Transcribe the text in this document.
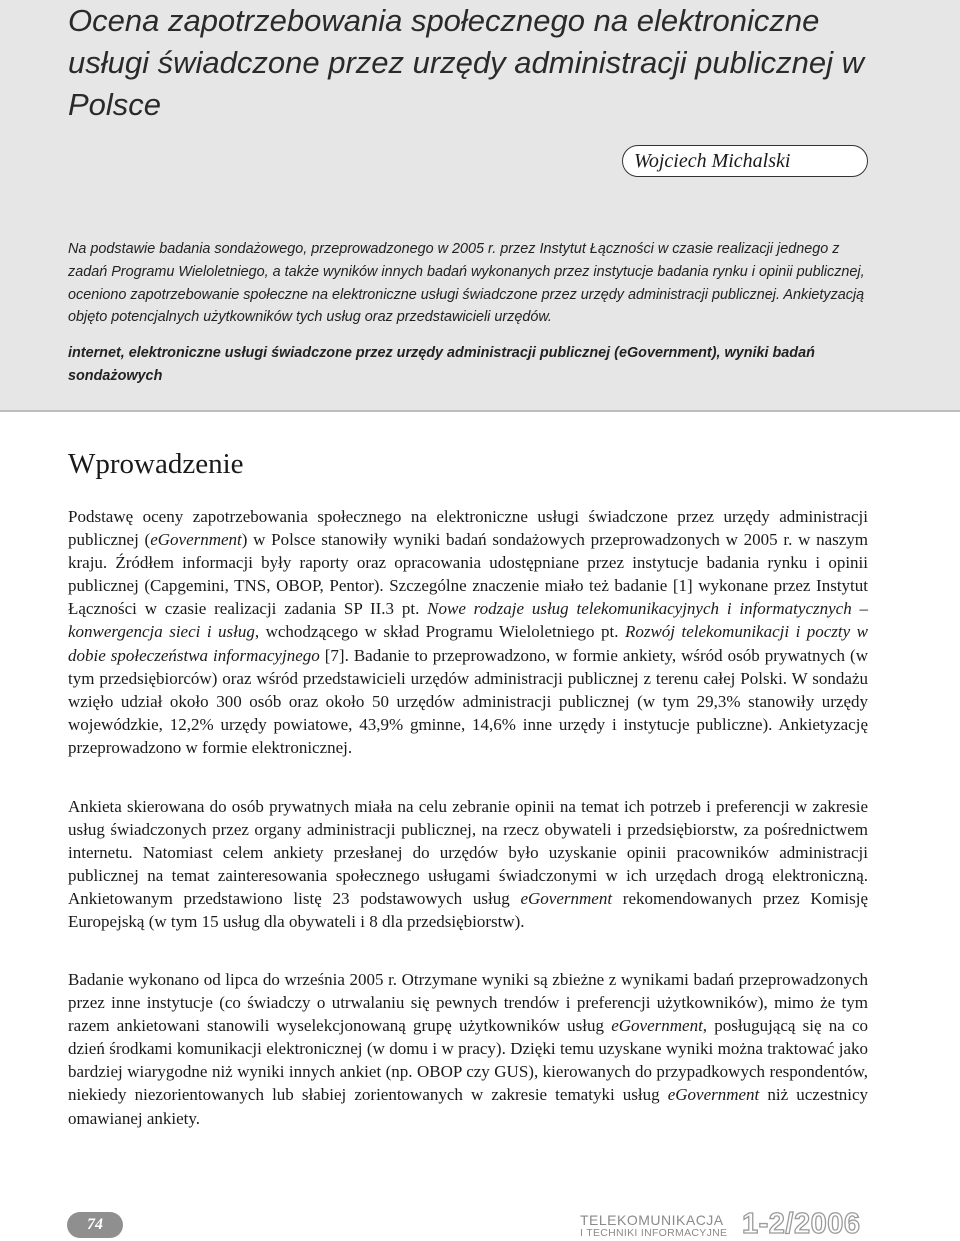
Ocena zapotrzebowania społecznego na elektroniczne usługi świadczone przez urzędy administracji publicznej w Polsce
Wojciech Michalski

Na podstawie badania sondażowego, przeprowadzonego w 2005 r. przez Instytut Łączności w czasie realizacji jednego z zadań Programu Wieloletniego, a także wyników innych badań wykonanych przez instytucje badania rynku i opinii publicznej, oceniono zapotrzebowanie społeczne na elektroniczne usługi świadczone przez urzędy administracji publicznej. Ankietyzacją objęto potencjalnych użytkowników tych usług oraz przedstawicieli urzędów.

internet, elektroniczne usługi świadczone przez urzędy administracji publicznej (eGovernment), wyniki badań sondażowych

Wprowadzenie

Podstawę oceny zapotrzebowania społecznego na elektroniczne usługi świadczone przez urzędy administracji publicznej (eGovernment) w Polsce stanowiły wyniki badań sondażowych przeprowadzonych w 2005 r. w naszym kraju. Źródłem informacji były raporty oraz opracowania udostępniane przez instytucje badania rynku i opinii publicznej (Capgemini, TNS, OBOP, Pentor). Szczególne znaczenie miało też badanie [1] wykonane przez Instytut Łączności w czasie realizacji zadania SP II.3 pt. Nowe rodzaje usług telekomunikacyjnych i informatycznych – konwergencja sieci i usług, wchodzącego w skład Programu Wieloletniego pt. Rozwój telekomunikacji i poczty w dobie społeczeństwa informacyjnego [7]. Badanie to przeprowadzono, w formie ankiety, wśród osób prywatnych (w tym przedsiębiorców) oraz wśród przedstawicieli urzędów administracji publicznej z terenu całej Polski. W sondażu wzięło udział około 300 osób oraz około 50 urzędów administracji publicznej (w tym 29,3% stanowiły urzędy wojewódzkie, 12,2% urzędy powiatowe, 43,9% gminne, 14,6% inne urzędy i instytucje publiczne). Ankietyzację przeprowadzono w formie elektronicznej.

Ankieta skierowana do osób prywatnych miała na celu zebranie opinii na temat ich potrzeb i preferencji w zakresie usług świadczonych przez organy administracji publicznej, na rzecz obywateli i przedsiębiorstw, za pośrednictwem internetu. Natomiast celem ankiety przesłanej do urzędów było uzyskanie opinii pracowników administracji publicznej na temat zainteresowania społecznego usługami świadczonymi w ich urzędach drogą elektroniczną. Ankietowanym przedstawiono listę 23 podstawowych usług eGovernment rekomendowanych przez Komisję Europejską (w tym 15 usług dla obywateli i 8 dla przedsiębiorstw).

Badanie wykonano od lipca do września 2005 r. Otrzymane wyniki są zbieżne z wynikami badań przeprowadzonych przez inne instytucje (co świadczy o utrwalaniu się pewnych trendów i preferencji użytkowników), mimo że tym razem ankietowani stanowili wyselekcjonowaną grupę użytkowników usług eGovernment, posługującą się na co dzień środkami komunikacji elektronicznej (w domu i w pracy). Dzięki temu uzyskane wyniki można traktować jako bardziej wiarygodne niż wyniki innych ankiet (np. OBOP czy GUS), kierowanych do przypadkowych respondentów, niekiedy niezorientowanych lub słabiej zorientowanych w zakresie tematyki usług eGovernment niż uczestnicy omawianej ankiety.

74	TELEKOMUNIKACJA
I TECHNIKI INFORMACYJNE 1-2/2006
